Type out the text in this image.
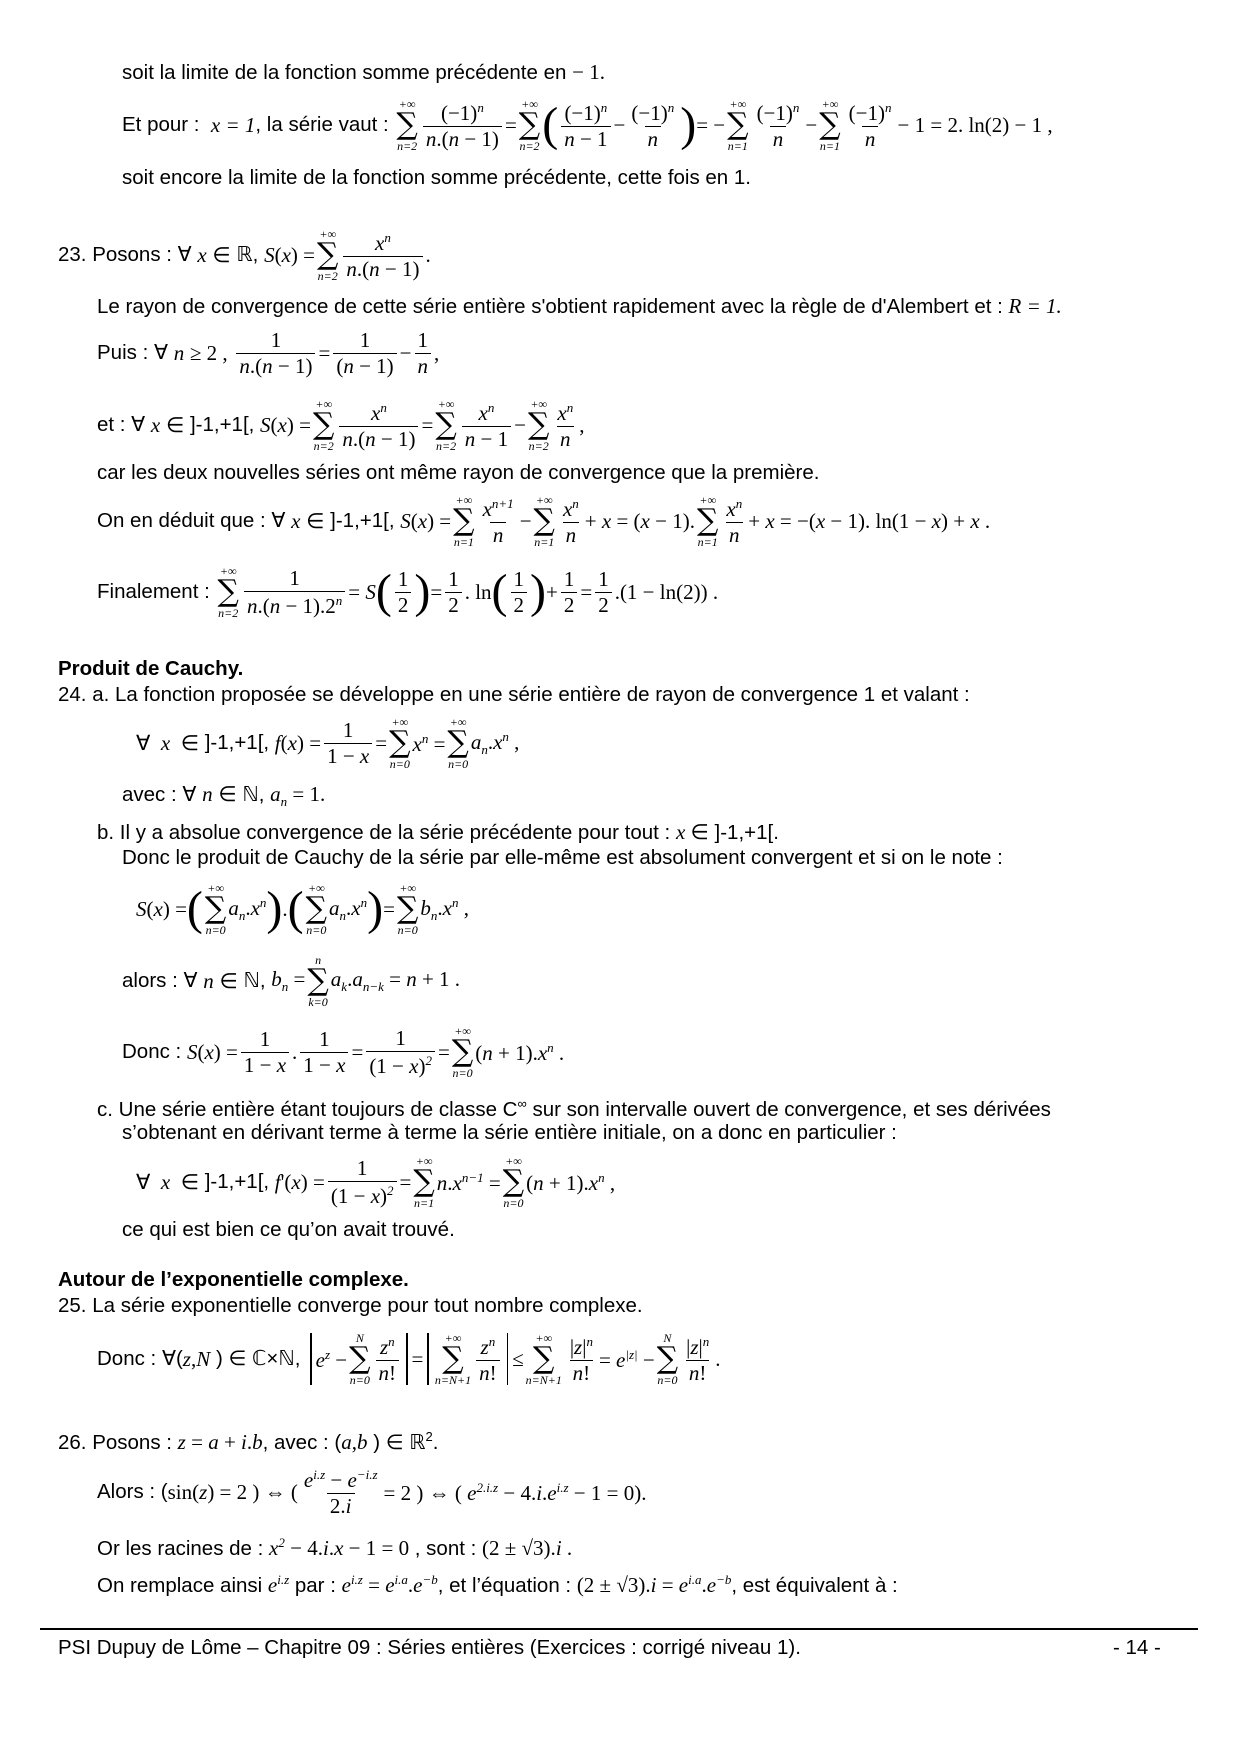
soit la limite de la fonction somme précédente en − 1.
Et pour :
x = 1 , la série vaut :

+∞
∑
$n=2 \frac{(-1)^n}{n.(n - 1)}$ =
+∞
∑
n=2 ( $\frac{(-1)^n}{n - 1} - \frac{(-1)^n}{n}$ ) = −
+∞
∑
$n=1 \frac{(-1)^n}{n}$ −
+∞
∑
$n=1 \frac{(-1)^n}{n} - 1 = 2$. ln(2) − 1 ,
soit encore la limite de la fonction somme précédente, cette fois en 1.
23. Posons : ∀
x
∈
ℝ,
S (x) =
+∞
∑
$n=2 \frac{x^n}{n.(n - 1)}$ .
Le rayon de convergence de cette série entière s'obtient rapidement avec la règle de d'Alembert et : R = 1.
Puis : ∀
n
≥ 2 ,
$\frac{1}{n.(n - 1)} = \frac{1}{(n - 1)} - \frac{1}{n}$ ,
et : ∀
x
∈
]-1,+1[,
S (x) =
+∞
∑
$n=2 \frac{x^n}{n.(n - 1)}$ =
+∞
∑
$n=2 \frac{x^n}{n - 1}$ −
+∞
∑
$n=2 \frac{x^n}{n}$ ,
car les deux nouvelles séries ont même rayon de convergence que la première.
On en déduit que : ∀
x
∈
]-1,+1[,
S (x) =
+∞
∑
$n=1 \frac{x^{n+1}}{n}$ −
+∞
∑
$n=1 \frac{x^n}{n} + x = (x - 1)$.
+∞
∑
$n=1 \frac{x^n}{n} + x = -(x - 1)$. ln(1 − x) + x .
Finalement :

+∞
∑
$n=2 \frac{1}{n.(n - 1).2^n} = S$ ( $\frac{1}{2}$ ) = $\frac{1}{2}$ . ln ( $\frac{1}{2}$ ) + $\frac{1}{2} = \frac{1}{2} .(1 - \ln(2))$ .
Produit de Cauchy.
24. a. La fonction proposée se développe en une série entière de rayon de convergence 1 et valant :
∀  x  ∈
]-1,+1[,
f $(x) = \frac{1}{1 - x}$ =
+∞
∑
n=0
$x^n$ =
+∞
∑
n=0
$a_n.x^n$ ,
avec : ∀ n ∈ ℕ, $a_n = 1$.
b. Il y a absolue convergence de la série précédente pour tout : x ∈ ]-1,+1[.
Donc le produit de Cauchy de la série par elle-même est absolument convergent et si on le note :
S (x) = ( +∞
∑
n=0
$a_n.x^n$ ) . ( +∞
∑
n=0
$a_n.x^n$ ) =
+∞
∑
n=0
$b_n.x^n$ ,
alors : ∀
n
∈
ℕ,
$b_n$ =
n
∑
k=0
$a_k.a_{n-k} = n + 1$ .
Donc :
S $(x) = \frac{1}{1 - x}$ . $\frac{1}{1 - x} = \frac{1}{(1 - x)^2}$ =
+∞
∑
n=0
$(n + 1).x^n$ .
c. Une série entière étant toujours de classe C∞ sur son intervalle ouvert de convergence, et ses dérivées
s’obtenant en dérivant terme à terme la série entière initiale, on a donc en particulier :
∀  x  ∈
]-1,+1[,
f '$(x) = \frac{1}{(1 - x)^2}$ =
+∞
∑
n=1
$n.x^{n-1}$ =
+∞
∑
n=0
$(n + 1).x^n$ ,
ce qui est bien ce qu’on avait trouvé.
Autour de l’exponentielle complexe.
25. La série exponentielle converge pour tout nombre complexe.
Donc : ∀( z , N
) ∈ ℂ×ℕ,
$e^z$ −
N
∑
$n=0 \frac{z^n}{n!}$ =
+∞
∑
$n=N+1 \frac{z^n}{n!}$ ≤
+∞
∑
$n=N+1 \frac{|z|^n}{n!} = e^{|z|}$ −
N
∑
$n=0 \frac{|z|^n}{n!}$ .
26. Posons : z = a + i.b, avec : (a,b ) ∈ ℝ$^2$.
Alors : ( sin(z) = 2 ) ⇔ ( $\frac{e^{i.z} - e^{-i.z}}{2.i} = 2$ ) ⇔ ( $e^{2.i.z} - 4.i.e^{i.z} - 1 = 0$).
Or les racines de : $x^2 - 4.i.x - 1 = 0$ , sont : (2 ± √3).i .
On remplace ainsi $e^{i.z}$ par : $e^{i.z} = e^{i.a}.e^{-b}$, et l’équation : $(2 \pm √3).i = e^{i.a}.e^{-b}$, est équivalent à :
PSI Dupuy de Lôme – Chapitre 09 : Séries entières (Exercices : corrigé niveau 1).	- 14 -
